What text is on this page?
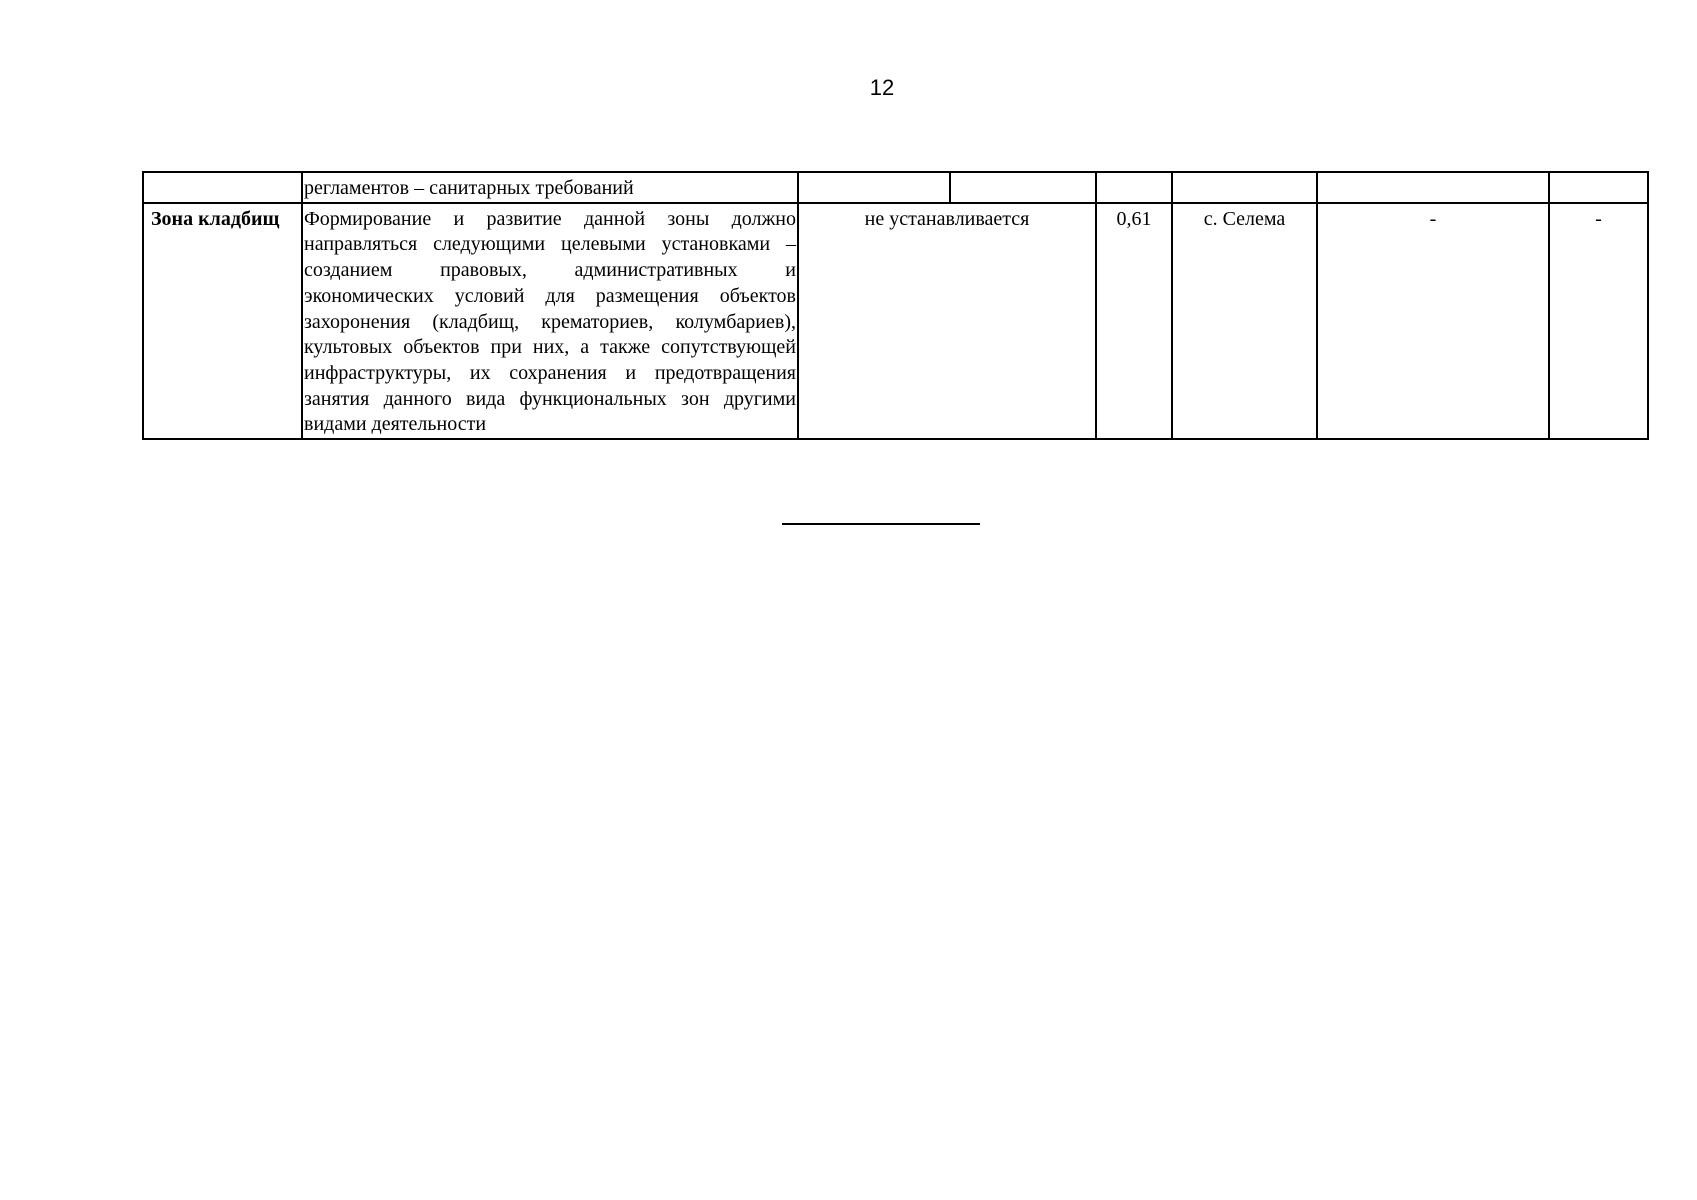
12
	регламентов – санитарных требований						
Зона кладбищ	Формирование и развитие данной зоны должно направляться следующими целевыми установками – созданием правовых, административных и экономических условий для размещения объектов захоронения (кладбищ, крематориев, колумбариев), культовых объектов при них, а также сопутствующей инфраструктуры, их сохранения и предотвращения занятия данного вида функциональных зон другими видами деятельности	не устанавливается		0,61	с. Селема	-	-
